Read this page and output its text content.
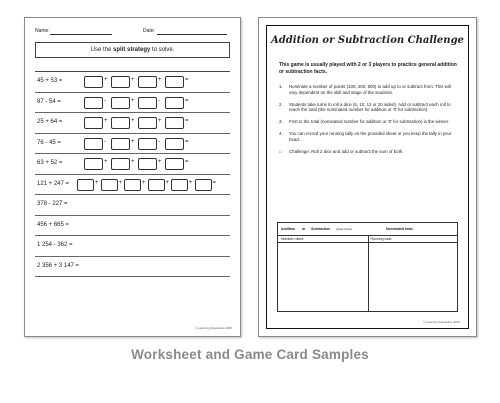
Name:	Date:
Use the split strategy to solve.
45 + 53 =	+	+	+	=
87 - 54 =	-	+	-	=
25 + 64 =	+	+	+	=
76 - 45 =	-	+	-	=
63 + 52 =	+	+	+	=
121 + 247 =	+	+	+	+	+	=
378 - 227 =
456 + 665 =
1 254 - 362 =
2 356 + 3 147 =
© Learning Interactive 2015
Addition or Subtraction Challenge
This game is usually played with 2 or 3 players to practice general addition or subtraction facts.
1. Nominate a number of points (100, 200, 500) to add up to or subtract from. This will vary dependent on the skill and stage of the students.
2. Students take turns to roll a dice (6, 10, 12 or 20 sided). Add or subtract each roll to reach the total (the nominated number for addition or '0' for subtraction).
3. First to the total (nominated number for addition or '0' for subtraction) is the winner.
4. You can record your running tally on the provided sheet or you keep the tally in your head.
□ Challenge: Roll 2 dice and add or subtract the sum of both.
Addition or Subtraction (circle choice)	Nominated total:
Number rolled:	Running total:
© Learning Interactive 2015
Worksheet and Game Card Samples
